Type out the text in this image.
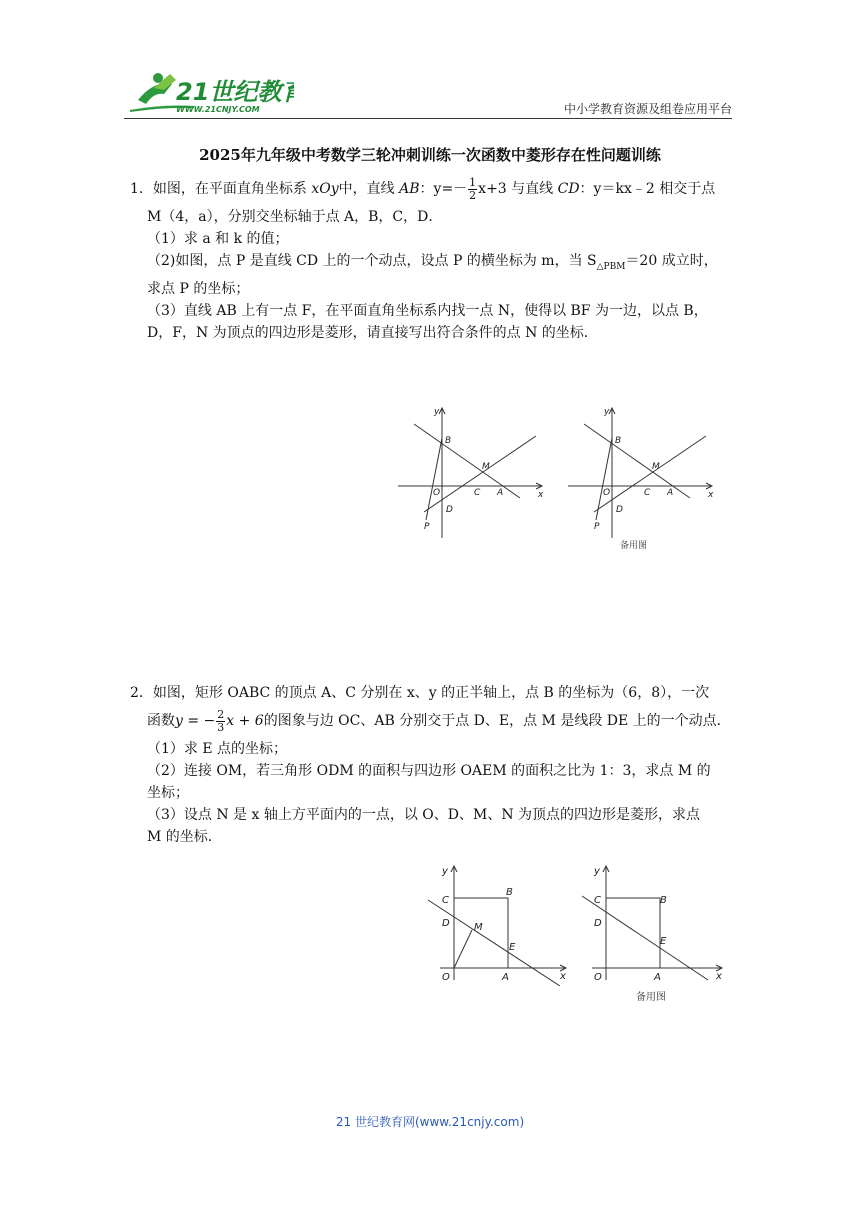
21世纪教育
WWW.21CNJY.COM	中小学教育资源及组卷应用平台
2025年九年级中考数学三轮冲刺训练一次函数中菱形存在性问题训练
1．如图，在平面直角坐标系 xOy中，直线 AB：$y=- \frac{1}{2} x+3$ 与直线 CD：y＝kx﹣2 相交于点
M（4，a），分别交坐标轴于点 A，B，C，D．
（1）求 a 和 k 的值；
（2)如图，点 P 是直线 CD 上的一个动点，设点 P 的横坐标为 m，当 $S_{\triangle PBM}=20$ 成立时，
求点 P 的坐标；
（3）直线 AB 上有一点 F，在平面直角坐标系内找一点 N，使得以 BF 为一边，以点 B，
D，F，N 为顶点的四边形是菱形，请直接写出符合条件的点 N 的坐标．
y
x
B
M
O	C A
D
P
y
x
B
M
O	C A
D
P
备用图
2．如图，矩形 OABC 的顶点 A、C 分别在 x、y 的正半轴上，点 B 的坐标为（6，8），一次
函数y = − $\frac{2}{3}$ x + 6的图象与边 OC、AB 分别交于点 D、E，点 M 是线段 DE 上的一个动点．
（1）求 E 点的坐标；
（2）连接 OM，若三角形 ODM 的面积与四边形 OAEM 的面积之比为 1：3，求点 M 的
坐标；
（3）设点 N 是 x 轴上方平面内的一点，以 O、D、M、N 为顶点的四边形是菱形，求点
M 的坐标．
y
x
C
B
D M
E
O	A
y
x
C	B
D
E
O	A
备用图
21 世纪教育网(www.21cnjy.com)
